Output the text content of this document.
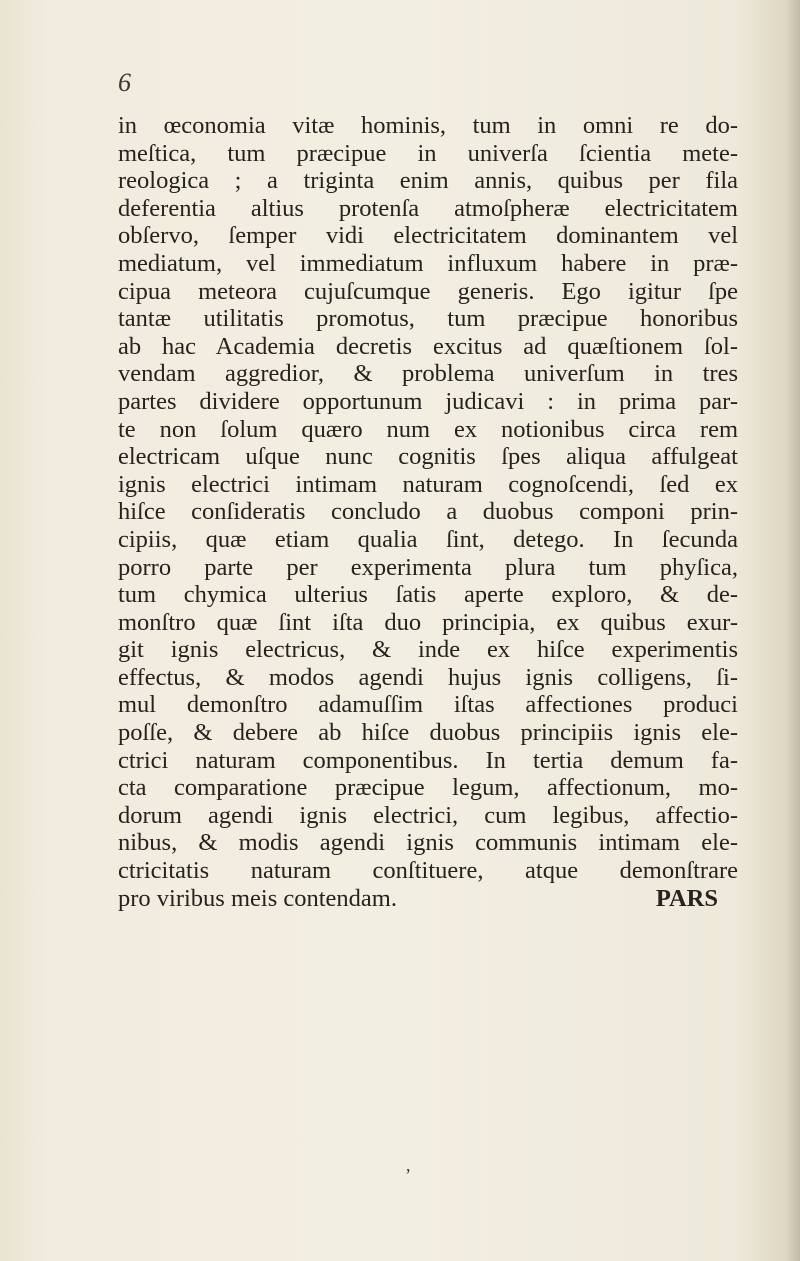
6
in œconomia vitæ hominis, tum in omni re do-
meſtica, tum præcipue in univerſa ſcientia mete-
reologica ; a triginta enim annis, quibus per fila
deferentia altius protenſa atmoſpheræ electricitatem
obſervo, ſemper vidi electricitatem dominantem vel
mediatum, vel immediatum influxum habere in præ-
cipua meteora cujuſcumque generis. Ego igitur ſpe
tantæ utilitatis promotus, tum præcipue honoribus
ab hac Academia decretis excitus ad quæſtionem ſol-
vendam aggredior, & problema univerſum in tres
partes dividere opportunum judicavi : in prima par-
te non ſolum quæro num ex notionibus circa rem
electricam uſque nunc cognitis ſpes aliqua affulgeat
ignis electrici intimam naturam cognoſcendi, ſed ex
hiſce conſideratis concludo a duobus componi prin-
cipiis, quæ etiam qualia ſint, detego. In ſecunda
porro parte per experimenta plura tum phyſica,
tum chymica ulterius ſatis aperte exploro, & de-
monſtro quæ ſint iſta duo principia, ex quibus exur-
git ignis electricus, & inde ex hiſce experimentis
effectus, & modos agendi hujus ignis colligens, ſi-
mul demonſtro adamuſſim iſtas affectiones produci
poſſe, & debere ab hiſce duobus principiis ignis ele-
ctrici naturam componentibus. In tertia demum fa-
cta comparatione præcipue legum, affectionum, mo-
dorum agendi ignis electrici, cum legibus, affectio-
nibus, & modis agendi ignis communis intimam ele-
ctricitatis naturam conſtituere, atque demonſtrare
pro viribus meis contendam.	PARS
,
